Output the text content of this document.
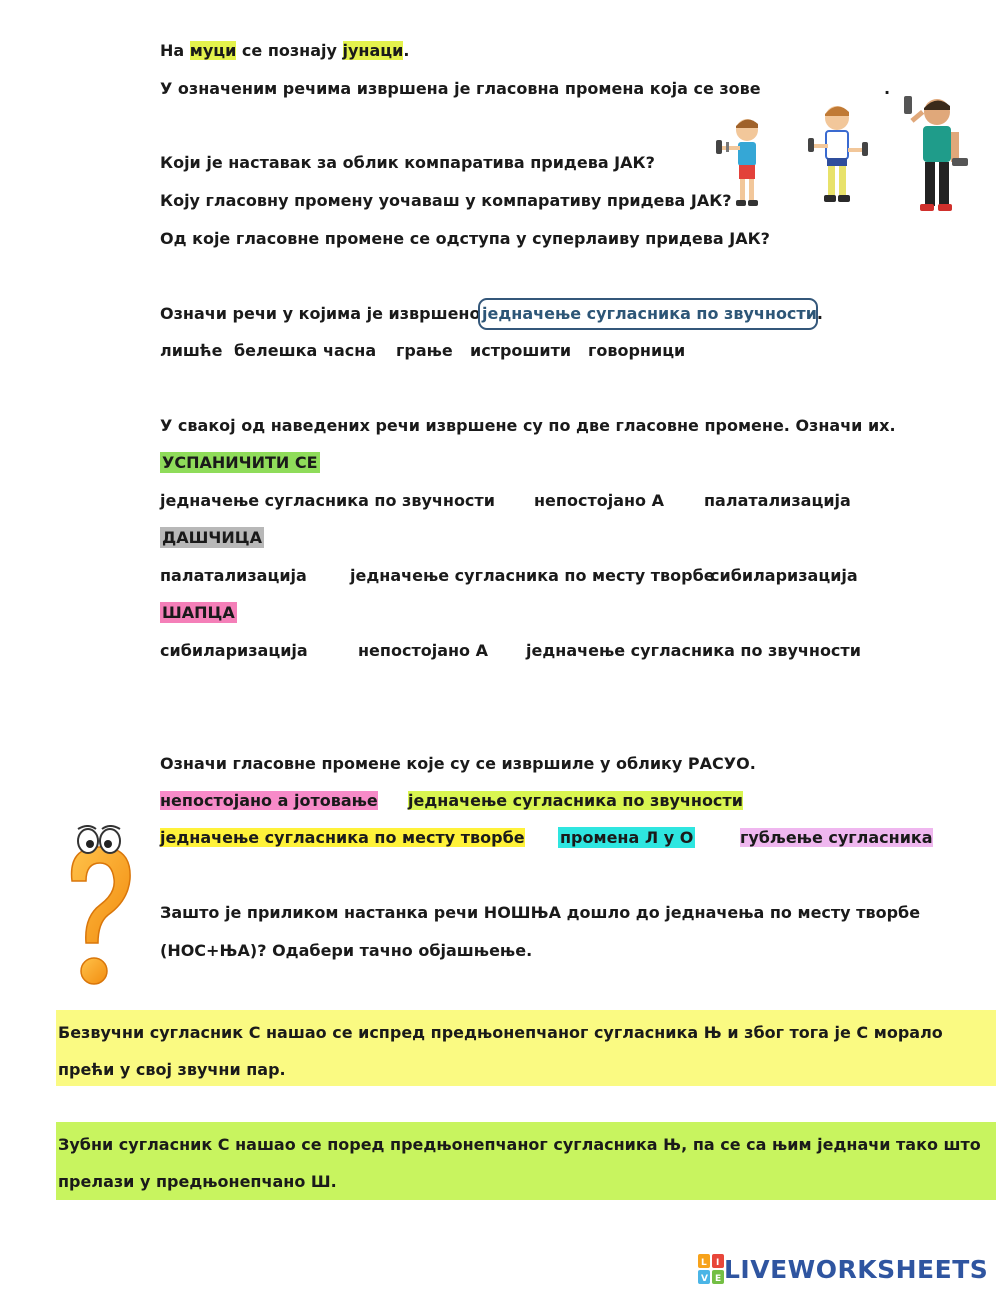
На муци се познају јунаци.
У означеним речима извршена је гласовна промена која се зове	.
Који је наставак за облик компаратива придева ЈАК?
Коју гласовну промену уочаваш у компаративу придева ЈАК?
Од које гласовне промене се одступа у суперлаиву придева ЈАК?
Означи речи у којима је извршено једначење сугласника по звучности.
лишће белешка часна грање истрошити говорници
У свакој од наведених речи извршене су по две гласовне промене. Означи их.
УСПАНИЧИТИ СЕ
једначење сугласника по звучности непостојано А	палатализација
ДАШЧИЦА
палатализација	једначење сугласника по месту творбе
сибиларизација
ШАПЦА
сибиларизација	непостојано А једначење сугласника по звучности
Означи гласовне промене које су се извршиле у облику РАСУО.
непостојано а јотовање једначење сугласника по звучности
једначење сугласника по месту творбе промена Л у О	губљење сугласника
Зашто је приликом настанка речи НОШЊА дошло до једначења по месту творбе
(НОС+ЊА)? Одабери тачно објашњење.
Безвучни сугласник С нашао се испред предњонепчаног сугласника Њ и због тога је С морало прећи у свој звучни пар.
Зубни сугласник С нашао се поред предњонепчаног сугласника Њ, па се са њим једначи тако што прелази у предњонепчано Ш.
L I
V E LIVEWORKSHEETS
